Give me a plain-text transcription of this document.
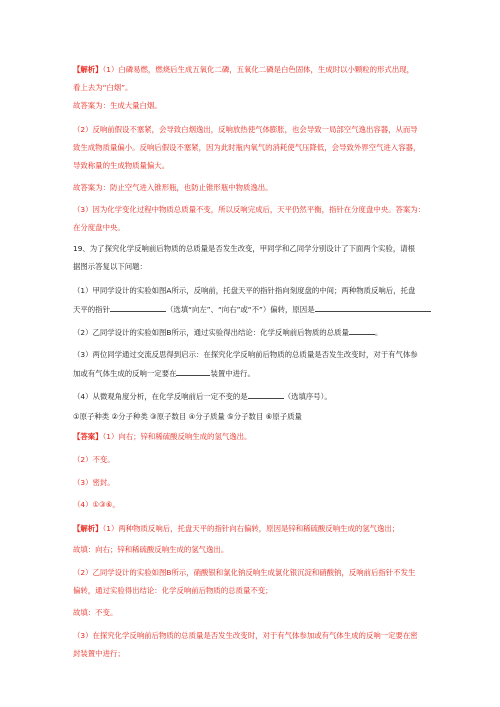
【解析】（1）白磷易燃，燃烧后生成五氧化二磷，五氧化二磷是白色固体，生成时以小颗粒的形式出现，
看上去为“白烟”。
故答案为：生成大量白烟。
（2）反响前假设不塞紧，会导致白烟逸出，反响放热使气体膨胀，也会导致一局部空气逸出容器，从而导
致生成物质量偏小。反响后假设不塞紧，因为此时瓶内氧气的消耗使气压降低，会导致外界空气进入容器，
导致称量的生成物质量偏大。
故答案为：防止空气进入锥形瓶，也防止锥形瓶中物质逸出。
（3）因为化学变化过程中物质总质量不变，所以反响完成后，天平仍然平衡，指针在分度盘中央。答案为：
在分度盘中央。
19、为了探究化学反响前后物质的总质量是否发生改变，甲同学和乙同学分别设计了下面两个实验，请根
据图示答复以下问题：
（1）甲同学设计的实验如图A所示，反响前，托盘天平的指针指向刻度盘的中间；两种物质反响后，托盘
天平的指针	（选填“向左”、“向右”或“不”）偏转，原因是
（2）乙同学设计的实验如图B所示，通过实验得出结论：化学反响前后物质的总质量	。
（3）两位同学通过交流反思得到启示：在探究化学反响前后物质的总质量是否发生改变时，对于有气体参
加或有气体生成的反响一定要在	装置中进行。
（4）从微观角度分析，在化学反响前后一定不变的是	（选填序号）。
①原子种类 ②分子种类 ③原子数目 ④分子质量 ⑤分子数目 ⑥原子质量
【答案】（1）向右；锌和稀硫酸反响生成的氢气逸出。
（2）不变。
（3）密封。
（4）①③⑥。
【解析】（1）两种物质反响后，托盘天平的指针向右偏转，原因是锌和稀硫酸反响生成的氢气逸出；
故填：向右；锌和稀硫酸反响生成的氢气逸出。
（2）乙同学设计的实验如图B所示，硝酸银和氯化钠反响生成氯化银沉淀和硝酸钠，反响前后指针不发生
偏转，通过实验得出结论：化学反响前后物质的总质量不变；
故填：不变。
（3）在探究化学反响前后物质的总质量是否发生改变时，对于有气体参加或有气体生成的反响一定要在密
封装置中进行；
